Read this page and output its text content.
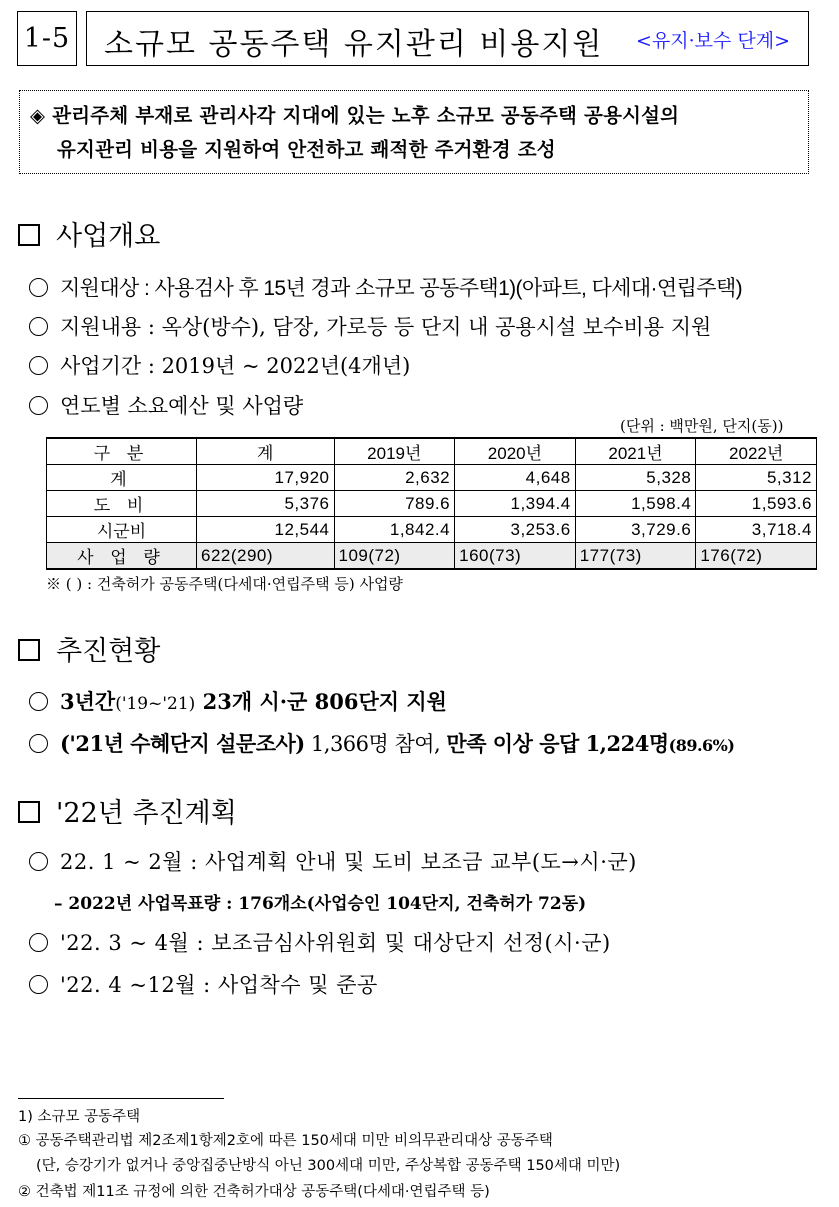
1-5 소규모 공동주택 유지관리 비용지원 <유지·보수 단계>
◈ 관리주체 부재로 관리사각 지대에 있는 노후 소규모 공동주택 공용시설의
유지관리 비용을 지원하여 안전하고 쾌적한 주거환경 조성
사업개요
지원대상 : 사용검사 후 15년 경과 소규모 공동주택1)(아파트, 다세대·연립주택)
지원내용 : 옥상(방수), 담장, 가로등 등 단지 내 공용시설 보수비용 지원
사업기간 : 2019년 ~ 2022년(4개년)
연도별 소요예산 및 사업량
(단위 : 백만원, 단지(동))
구 분	계	2019년	2020년	2021년	2022년
계	17,920	2,632	4,648	5,328	5,312
도 비	5,376	789.6	1,394.4	1,598.4	1,593.6
시군비	12,544	1,842.4	3,253.6	3,729.6	3,718.4
사 업 량	622(290)	109(72)	160(73)	177(73)	176(72)
※ ( ) : 건축허가 공동주택(다세대·연립주택 등) 사업량
추진현황
3년간('19~'21) 23개 시·군 806단지 지원
('21년 수혜단지 설문조사) 1,366명 참여, 만족 이상 응답 1,224명(89.6%)
'22년 추진계획
22. 1 ~ 2월 : 사업계획 안내 및 도비 보조금 교부(도→시·군)
– 2022년 사업목표량 : 176개소(사업승인 104단지, 건축허가 72동)
'22. 3 ~ 4월 : 보조금심사위원회 및 대상단지 선정(시·군)
'22. 4 ~12월 : 사업착수 및 준공
1) 소규모 공동주택
① 공동주택관리법 제2조제1항제2호에 따른 150세대 미만 비의무관리대상 공동주택
(단, 승강기가 없거나 중앙집중난방식 아닌 300세대 미만, 주상복합 공동주택 150세대 미만)
② 건축법 제11조 규정에 의한 건축허가대상 공동주택(다세대·연립주택 등)
